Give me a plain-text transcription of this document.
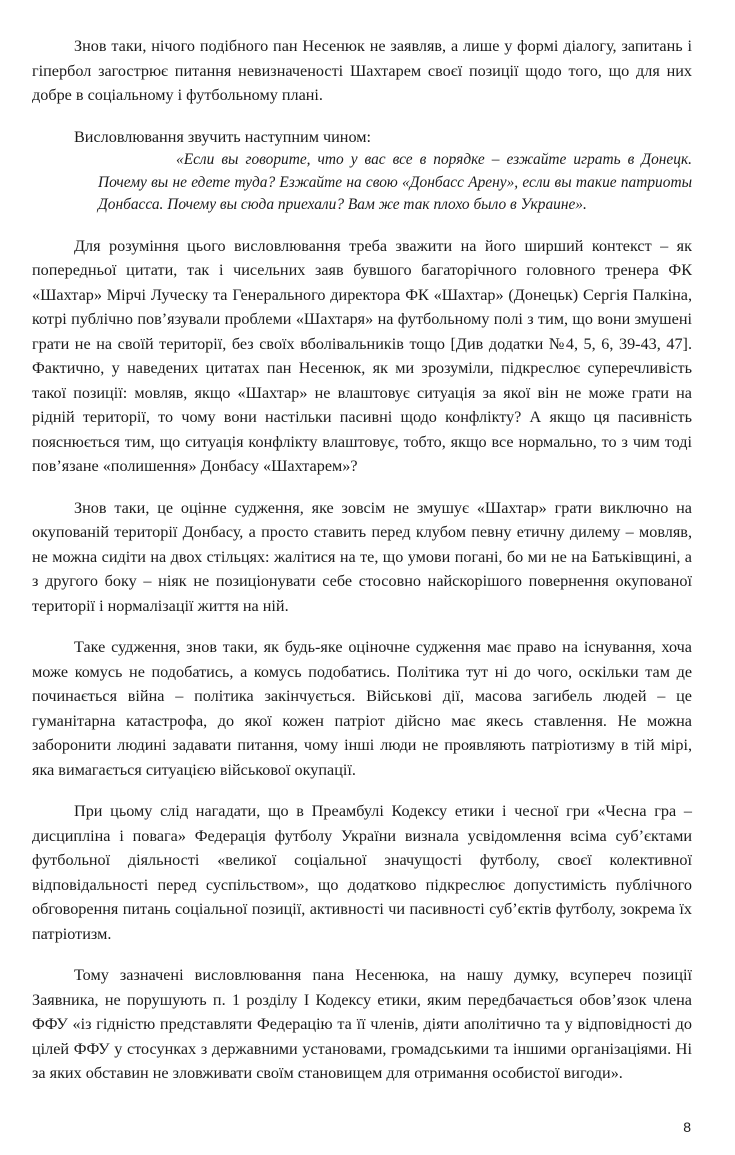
Знов таки, нічого подібного пан Несенюк не заявляв, а лише у формі діалогу, запитань і гіпербол загострює питання невизначеності Шахтарем своєї позиції щодо того, що для них добре в соціальному і футбольному плані.

Висловлювання звучить наступним чином:

«Если вы говорите, что у вас все в порядке – езжайте играть в Донецк. Почему вы не едете туда? Езжайте на свою «Донбасс Арену», если вы такие патриоты Донбасса. Почему вы сюда приехали? Вам же так плохо было в Украине».

Для розуміння цього висловлювання треба зважити на його ширший контекст – як попередньої цитати, так і чисельних заяв бувшого багаторічного головного тренера ФК «Шахтар» Мірчі Луческу та Генерального директора ФК «Шахтар» (Донецьк) Сергія Палкіна, котрі публічно пов’язували проблеми «Шахтаря» на футбольному полі з тим, що вони змушені грати не на своїй території, без своїх вболівальників тощо [Див додатки №4, 5, 6, 39-43, 47]. Фактично, у наведених цитатах пан Несенюк, як ми зрозуміли, підкреслює суперечливість такої позиції: мовляв, якщо «Шахтар» не влаштовує ситуація за якої він не може грати на рідній території, то чому вони настільки пасивні щодо конфлікту? А якщо ця пасивність пояснюється тим, що ситуація конфлікту влаштовує, тобто, якщо все нормально, то з чим тоді пов’язане «полишення» Донбасу «Шахтарем»?

Знов таки, це оцінне судження, яке зовсім не змушує «Шахтар» грати виключно на окупованій території Донбасу, а просто ставить перед клубом певну етичну дилему – мовляв, не можна сидіти на двох стільцях: жалітися на те, що умови погані, бо ми не на Батьківщині, а з другого боку – ніяк не позиціонувати себе стосовно найскорішого повернення окупованої території і нормалізації життя на ній.

Таке судження, знов таки, як будь-яке оціночне судження має право на існування, хоча може комусь не подобатись, а комусь подобатись. Політика тут ні до чого, оскільки там де починається війна – політика закінчується. Військові дії, масова загибель людей – це гуманітарна катастрофа, до якої кожен патріот дійсно має якесь ставлення. Не можна заборонити людині задавати питання, чому інші люди не проявляють патріотизму в тій мірі, яка вимагається ситуацією військової окупації.

При цьому слід нагадати, що в Преамбулі Кодексу етики і чесної гри «Чесна гра – дисципліна і повага» Федерація футболу України визнала усвідомлення всіма суб’єктами футбольної діяльності «великої соціальної значущості футболу, своєї колективної відповідальності перед суспільством», що додатково підкреслює допустимість публічного обговорення питань соціальної позиції, активності чи пасивності суб’єктів футболу, зокрема їх патріотизм.

Тому зазначені висловлювання пана Несенюка, на нашу думку, всупереч позиції Заявника, не порушують п. 1 розділу І Кодексу етики, яким передбачається обов’язок члена ФФУ «із гідністю представляти Федерацію та її членів, діяти аполітично та у відповідності до цілей ФФУ у стосунках з державними установами, громадськими та іншими організаціями. Ні за яких обставин не зловживати своїм становищем для отримання особистої вигоди».

8
